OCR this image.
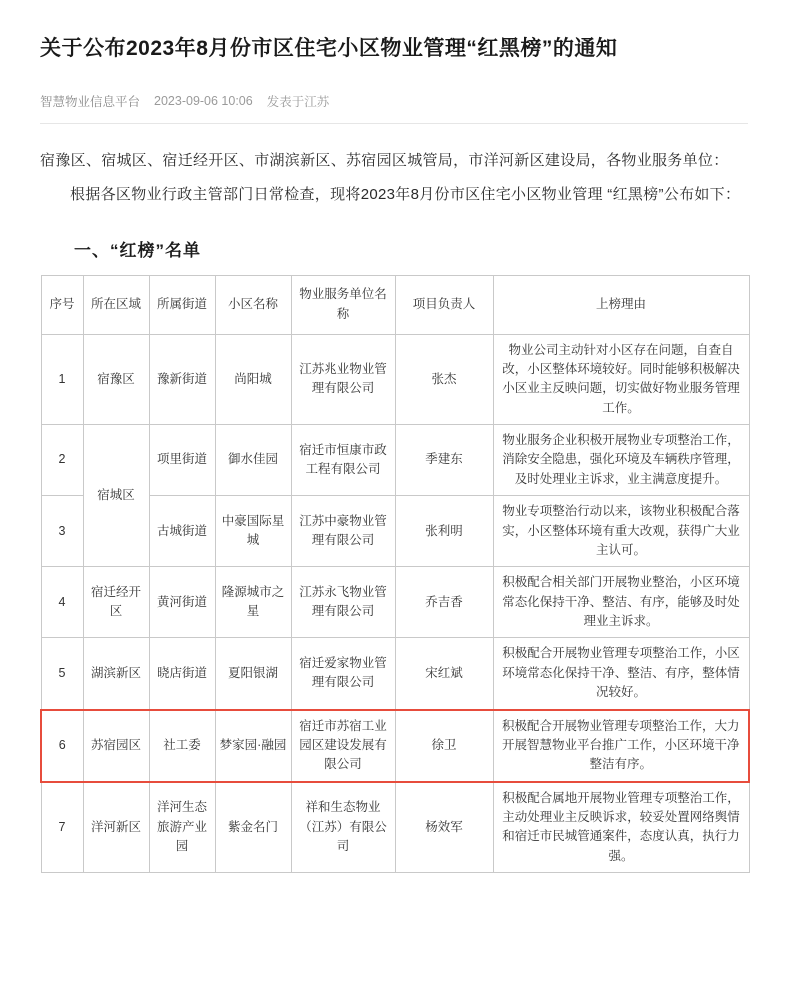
关于公布2023年8月份市区住宅小区物业管理“红黑榜”的通知
智慧物业信息平台 2023-09-06 10:06 发表于江苏

宿豫区、宿城区、宿迁经开区、市湖滨新区、苏宿园区城管局，市洋河新区建设局，各物业服务单位：

根据各区物业行政主管部门日常检查，现将2023年8月份市区住宅小区物业管理 “红黑榜”公布如下：

一、“红榜”名单
序号	所在区域	所属街道	小区名称	物业服务单位名称	项目负责人	上榜理由
1	宿豫区	豫新街道	尚阳城	江苏兆业物业管理有限公司	张杰	物业公司主动针对小区存在问题，自查自改，小区整体环境较好。同时能够积极解决小区业主反映问题，切实做好物业服务管理工作。
2	宿城区	项里街道	御水佳园	宿迁市恒康市政工程有限公司	季建东	物业服务企业积极开展物业专项整治工作，消除安全隐患，强化环境及车辆秩序管理，及时处理业主诉求，业主满意度提升。
3		古城街道	中豪国际星城	江苏中豪物业管理有限公司	张利明	物业专项整治行动以来，该物业积极配合落实，小区整体环境有重大改观，获得广大业主认可。
4	宿迁经开区	黄河街道	隆源城市之星	江苏永飞物业管理有限公司	乔吉香	积极配合相关部门开展物业整治，小区环境常态化保持干净、整洁、有序，能够及时处理业主诉求。
5	湖滨新区	晓店街道	夏阳银湖	宿迁爱家物业管理有限公司	宋红斌	积极配合开展物业管理专项整治工作，小区环境常态化保持干净、整洁、有序，整体情况较好。
6	苏宿园区	社工委	梦家园·融园	宿迁市苏宿工业园区建设发展有限公司	徐卫	积极配合开展物业管理专项整治工作，大力开展智慧物业平台推广工作，小区环境干净整洁有序。
7	洋河新区	洋河生态旅游产业园	紫金名门	祥和生态物业（江苏）有限公司	杨效军	积极配合属地开展物业管理专项整治工作，主动处理业主反映诉求，较妥处置网络舆情和宿迁市民城管通案件，态度认真，执行力强。
